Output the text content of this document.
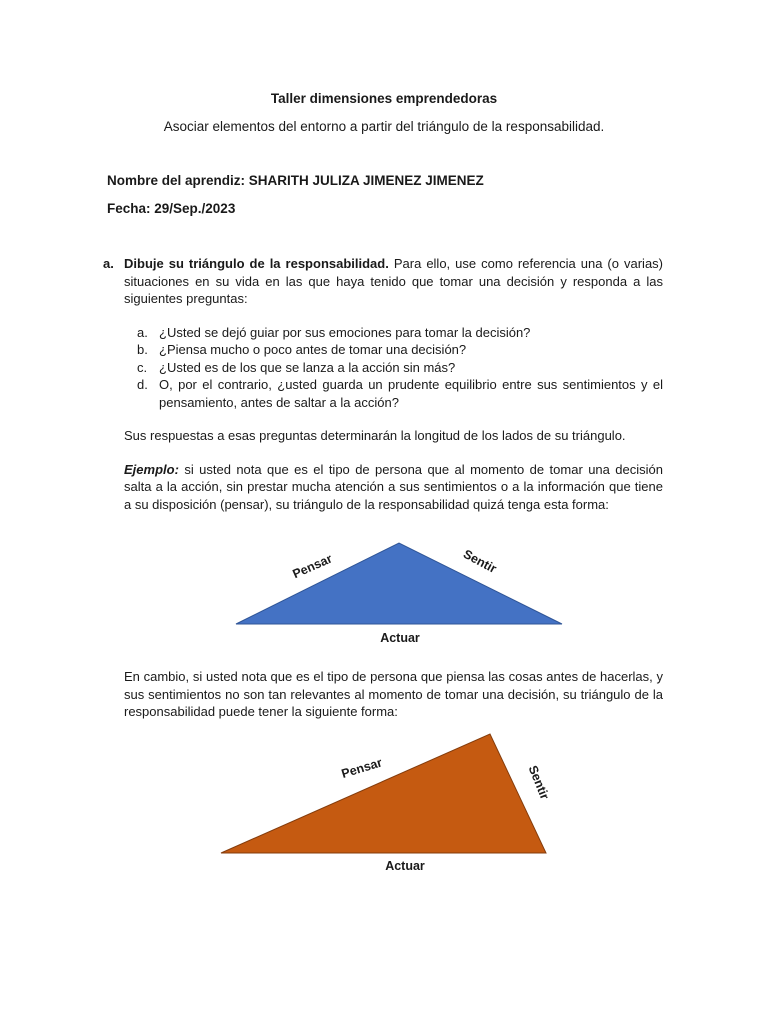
Taller dimensiones emprendedoras
Asociar elementos del entorno a partir del triángulo de la responsabilidad.
Nombre del aprendiz: SHARITH JULIZA JIMENEZ JIMENEZ
Fecha: 29/Sep./2023
a. Dibuje su triángulo de la responsabilidad. Para ello, use como referencia una (o varias) situaciones en su vida en las que haya tenido que tomar una decisión y responda a las siguientes preguntas:
a. ¿Usted se dejó guiar por sus emociones para tomar la decisión?
b. ¿Piensa mucho o poco antes de tomar una decisión?
c. ¿Usted es de los que se lanza a la acción sin más?
d. O, por el contrario, ¿usted guarda un prudente equilibrio entre sus sentimientos y el pensamiento, antes de saltar a la acción?
Sus respuestas a esas preguntas determinarán la longitud de los lados de su triángulo.
Ejemplo: si usted nota que es el tipo de persona que al momento de tomar una decisión salta a la acción, sin prestar mucha atención a sus sentimientos o a la información que tiene a su disposición (pensar), su triángulo de la responsabilidad quizá tenga esta forma:
Pensar	Sentir
Actuar
En cambio, si usted nota que es el tipo de persona que piensa las cosas antes de hacerlas, y sus sentimientos no son tan relevantes al momento de tomar una decisión, su triángulo de la responsabilidad puede tener la siguiente forma:
Pensar	Sentir
Actuar
